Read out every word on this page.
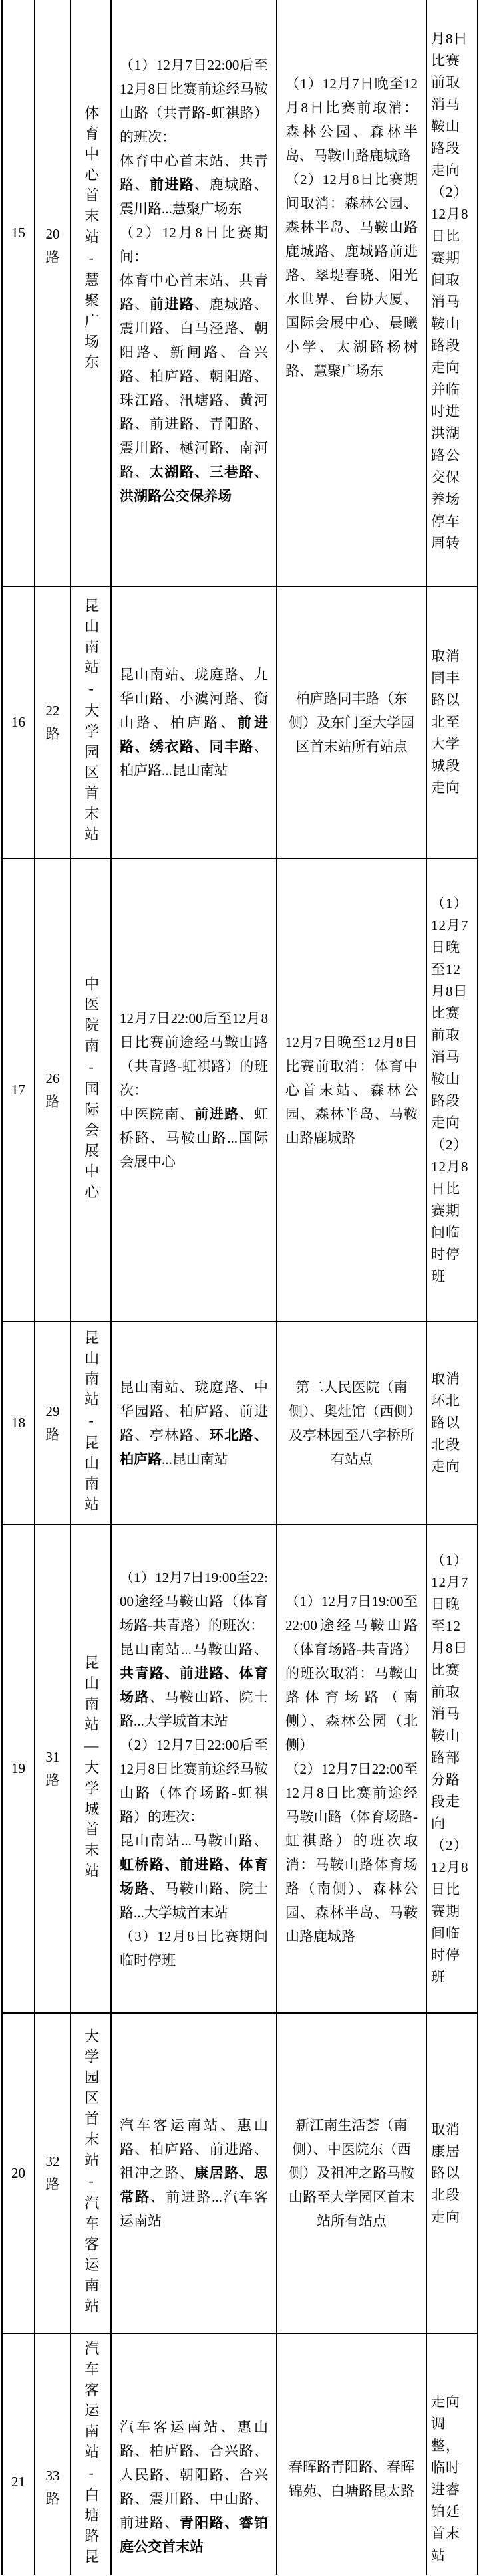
15 20路 体育中心首末站-慧聚广场东
（1）12月7日22:00后至12月8日比赛前途经马鞍山路（共青路-虹祺路）的班次：
体育中心首末站、共青路、前进路、鹿城路、震川路...慧聚广场东
（2）12月8日比赛期间：
体育中心首末站、共青路、前进路、鹿城路、震川路、白马泾路、朝阳路、新闸路、合兴路、柏庐路、朝阳路、珠江路、汛塘路、黄河路、前进路、青阳路、震川路、樾河路、南河路、太湖路、三巷路、洪湖路公交保养场
（1）12月7日晚至12月8日比赛前取消：森林公园、森林半岛、马鞍山路鹿城路
（2）12月8日比赛期间取消：森林公园、森林半岛、马鞍山路鹿城路、鹿城路前进路、翠堤春晓、阳光水世界、台协大厦、国际会展中心、晨曦小学、太湖路杨树路、慧聚广场东
月8日比赛前取消马鞍山路段走向（2）12月8日比赛期间取消马鞍山路段走向并临时进洪湖路公交保养场停车周转
16
22路 昆山南站-大学园区首末站 昆山南站、珑庭路、九华山路、小澞河路、衡山路、柏庐路、前进路、绣衣路、同丰路、柏庐路...昆山南站
柏庐路同丰路（东侧）及东门至大学园区首末站所有站点
取消同丰路以北至大学城段走向
17
26路 中医院南-国际会展中心 12月7日22:00后至12月8日比赛前途经马鞍山路（共青路-虹祺路）的班次：
中医院南、前进路、虹桥路、马鞍山路...国际会展中心
12月7日晚至12月8日比赛前取消：体育中心首末站、森林公园、森林半岛、马鞍山路鹿城路
（1）12月7日晚至12月8日比赛前取消马鞍山路段走向（2）12月8日比赛期间临时停班
18
29路 昆山南站-昆山南站 昆山南站、珑庭路、中华园路、柏庐路、前进路、亭林路、环北路、柏庐路...昆山南站
第二人民医院（南侧）、奥灶馆（西侧）及亭林园至八字桥所有站点
取消环北路以北段走向
19
31路 昆山南站—大学城首末站
（1）12月7日19:00至22:00途经马鞍山路（体育场路-共青路）的班次：
昆山南站...马鞍山路、共青路、前进路、体育场路、马鞍山路、院士路...大学城首末站
（2）12月7日22:00后至12月8日比赛前途经马鞍山路（体育场路-虹祺路）的班次：
昆山南站...马鞍山路、虹桥路、前进路、体育场路、马鞍山路、院士路...大学城首末站
（3）12月8日比赛期间临时停班
（1）12月7日19:00至22:00途经马鞍山路（体育场路-共青路）的班次取消：马鞍山路体育场路（南侧）、森林公园（北侧）
（2）12月7日22:00至12月8日比赛前途经马鞍山路（体育场路-虹祺路）的班次取消：马鞍山路体育场路（南侧）、森林公园、森林半岛、马鞍山路鹿城路
（1）12月7日晚至12月8日比赛前取消马鞍山路部分路段走向（2）12月8日比赛期间临时停班
20
32路 大学园区首末站-汽车客运南站 汽车客运南站、惠山路、柏庐路、前进路、祖冲之路、康居路、思常路、前进路...汽车客运南站
新江南生活荟（南侧）、中医院东（西侧）及祖冲之路马鞍山路至大学园区首末站所有站点
取消康居路以北段走向
21 33路 汽车客运南站-白塘路昆 汽车客运南站、惠山路、柏庐路、合兴路、人民路、朝阳路、合兴路、震川路、中山路、前进路、青阳路、睿铂庭公交首末站
春晖路青阳路、春晖锦苑、白塘路昆太路
走向调整，临时进睿铂廷首末站
